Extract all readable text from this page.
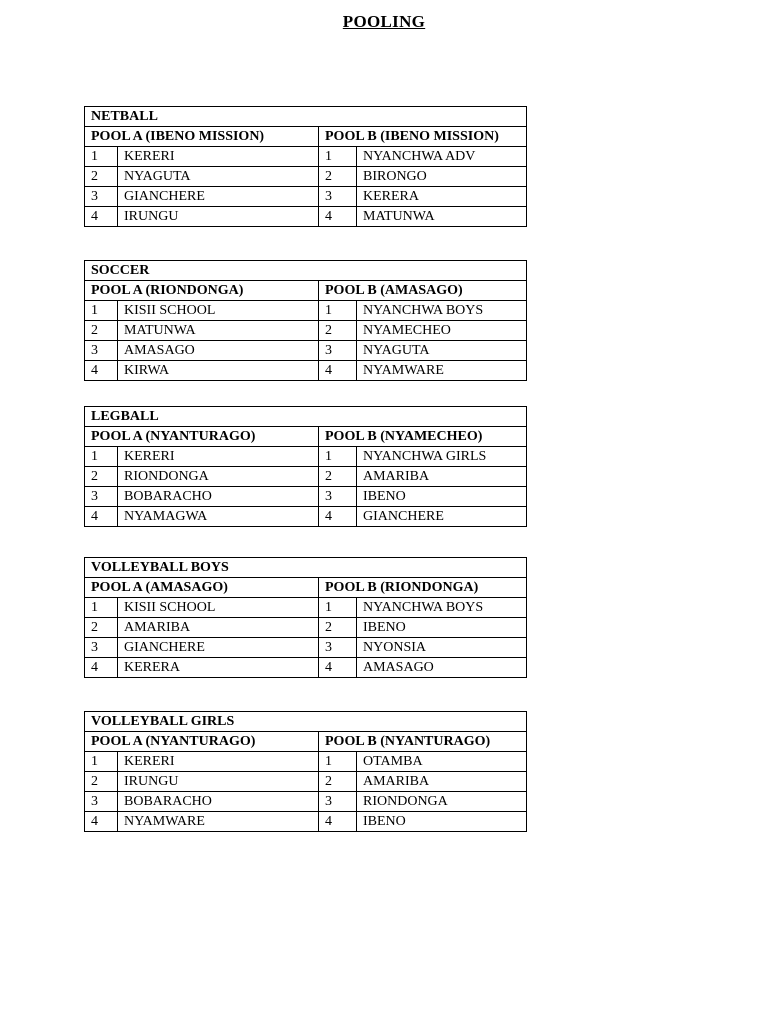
POOLING
NETBALL			
POOL A (IBENO MISSION)		POOL B (IBENO MISSION)	
1	KERERI	1	NYANCHWA ADV
2	NYAGUTA	2	BIRONGO
3	GIANCHERE	3	KERERA
4	IRUNGU	4	MATUNWA
SOCCER			
POOL A (RIONDONGA)		POOL B (AMASAGO)	
1	KISII SCHOOL	1	NYANCHWA BOYS
2	MATUNWA	2	NYAMECHEO
3	AMASAGO	3	NYAGUTA
4	KIRWA	4	NYAMWARE
LEGBALL			
POOL A (NYANTURAGO)		POOL B (NYAMECHEO)	
1	KERERI	1	NYANCHWA GIRLS
2	RIONDONGA	2	AMARIBA
3	BOBARACHO	3	IBENO
4	NYAMAGWA	4	GIANCHERE
VOLLEYBALL BOYS			
POOL A (AMASAGO)		POOL B (RIONDONGA)	
1	KISII SCHOOL	1	NYANCHWA BOYS
2	AMARIBA	2	IBENO
3	GIANCHERE	3	NYONSIA
4	KERERA	4	AMASAGO
VOLLEYBALL GIRLS			
POOL A (NYANTURAGO)		POOL B (NYANTURAGO)	
1	KERERI	1	OTAMBA
2	IRUNGU	2	AMARIBA
3	BOBARACHO	3	RIONDONGA
4	NYAMWARE	4	IBENO
